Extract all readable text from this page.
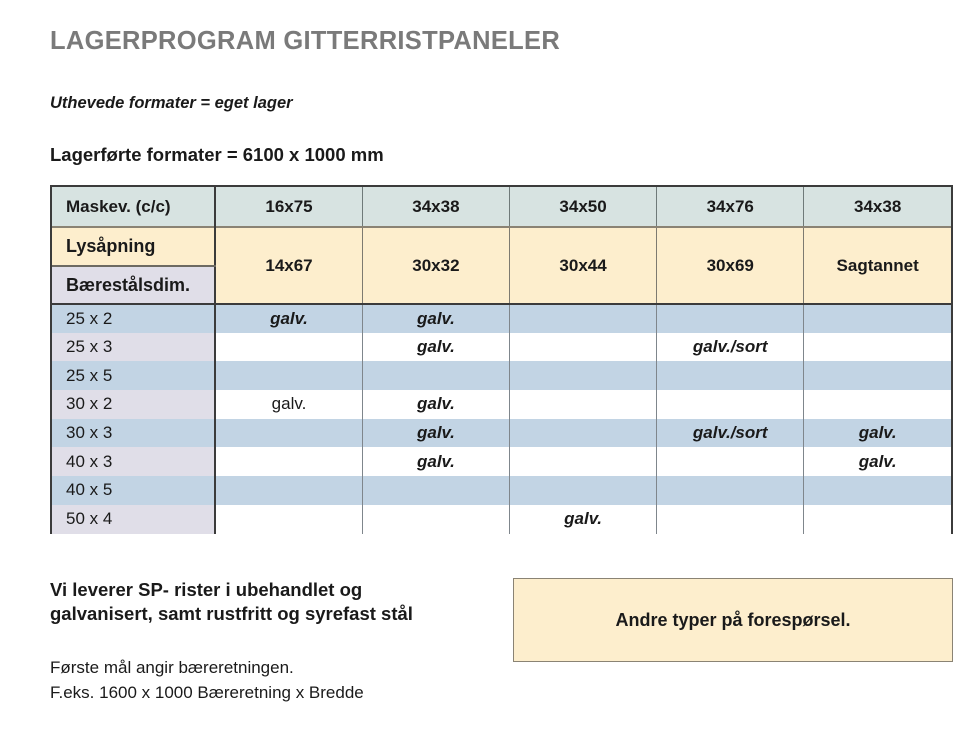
LAGERPROGRAM GITTERRISTPANELER
Uthevede formater = eget lager
Lagerførte formater = 6100 x 1000 mm
Maskev. (c/c)	16x75	34x38	34x50	34x76	34x38
Lysåpning	14x67	30x32	30x44	30x69	Sagtannet
Bærestålsdim.					
25 x 2	galv.	galv.			
25 x 3		galv.		galv./sort	
25 x 5					
30 x 2	galv.	galv.			
30 x 3		galv.		galv./sort	galv.
40 x 3		galv.			galv.
40 x 5					
50 x 4			galv.		
Vi leverer SP- rister i ubehandlet og
galvanisert, samt rustfritt og syrefast stål
Første mål angir bæreretningen.
F.eks. 1600 x 1000 Bæreretning x Bredde
Andre typer på forespørsel.
